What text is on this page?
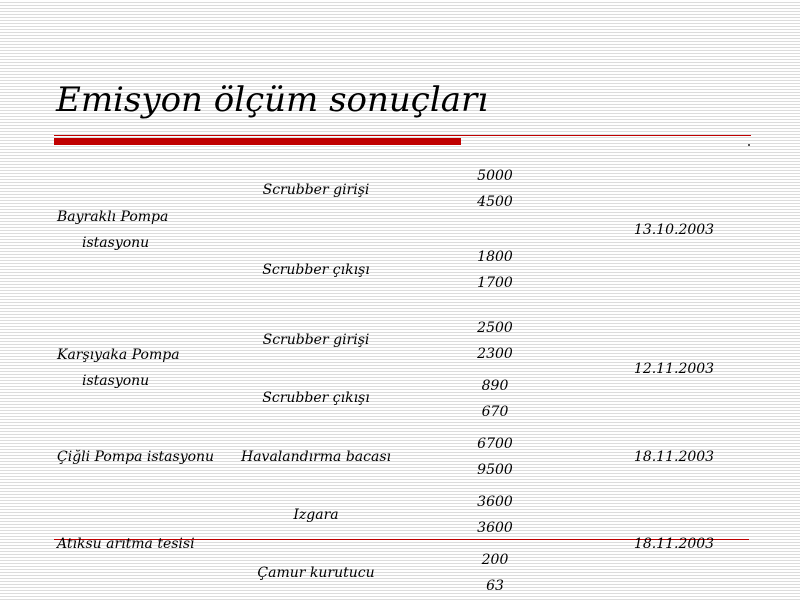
Emisyon ölçüm sonuçları
Bayraklı Pompa
istasyonu
Scrubber girişi
5000
4500
Scrubber çıkışı
1800
1700
13.10.2003
Karşıyaka Pompa
istasyonu
Scrubber girişi
2500
2300
Scrubber çıkışı
890
670
12.11.2003
Çiğli Pompa istasyonu Havalandırma bacası
6700
9500
18.11.2003
Atıksu arıtma tesisi
Izgara
3600
3600
Çamur kurutucu
200
63
18.11.2003
